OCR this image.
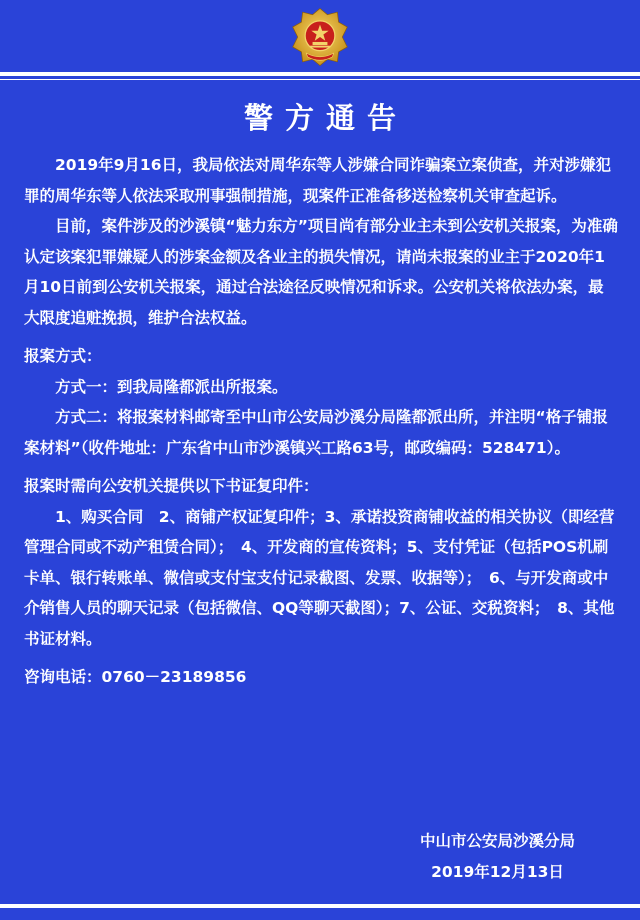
警方通告

2019年9月16日，我局依法对周华东等人涉嫌合同诈骗案立案侦查，并对涉嫌犯罪的周华东等人依法采取刑事强制措施，现案件正准备移送检察机关审查起诉。

目前，案件涉及的沙溪镇“魅力东方”项目尚有部分业主未到公安机关报案，为准确认定该案犯罪嫌疑人的涉案金额及各业主的损失情况，请尚未报案的业主于2020年1月10日前到公安机关报案，通过合法途径反映情况和诉求。公安机关将依法办案，最大限度追赃挽损，维护合法权益。

报案方式：

方式一：到我局隆都派出所报案。

方式二：将报案材料邮寄至中山市公安局沙溪分局隆都派出所，并注明“格子铺报案材料”（收件地址：广东省中山市沙溪镇兴工路63号，邮政编码：528471）。

报案时需向公安机关提供以下书证复印件：

1、购买合同　2、商铺产权证复印件；3、承诺投资商铺收益的相关协议（即经营管理合同或不动产租赁合同）；　4、开发商的宣传资料；5、支付凭证（包括POS机刷卡单、银行转账单、微信或支付宝支付记录截图、发票、收据等）；　6、与开发商或中介销售人员的聊天记录（包括微信、QQ等聊天截图）；7、公证、交税资料；　8、其他书证材料。

咨询电话：0760－23189856

中山市公安局沙溪分局
2019年12月13日
